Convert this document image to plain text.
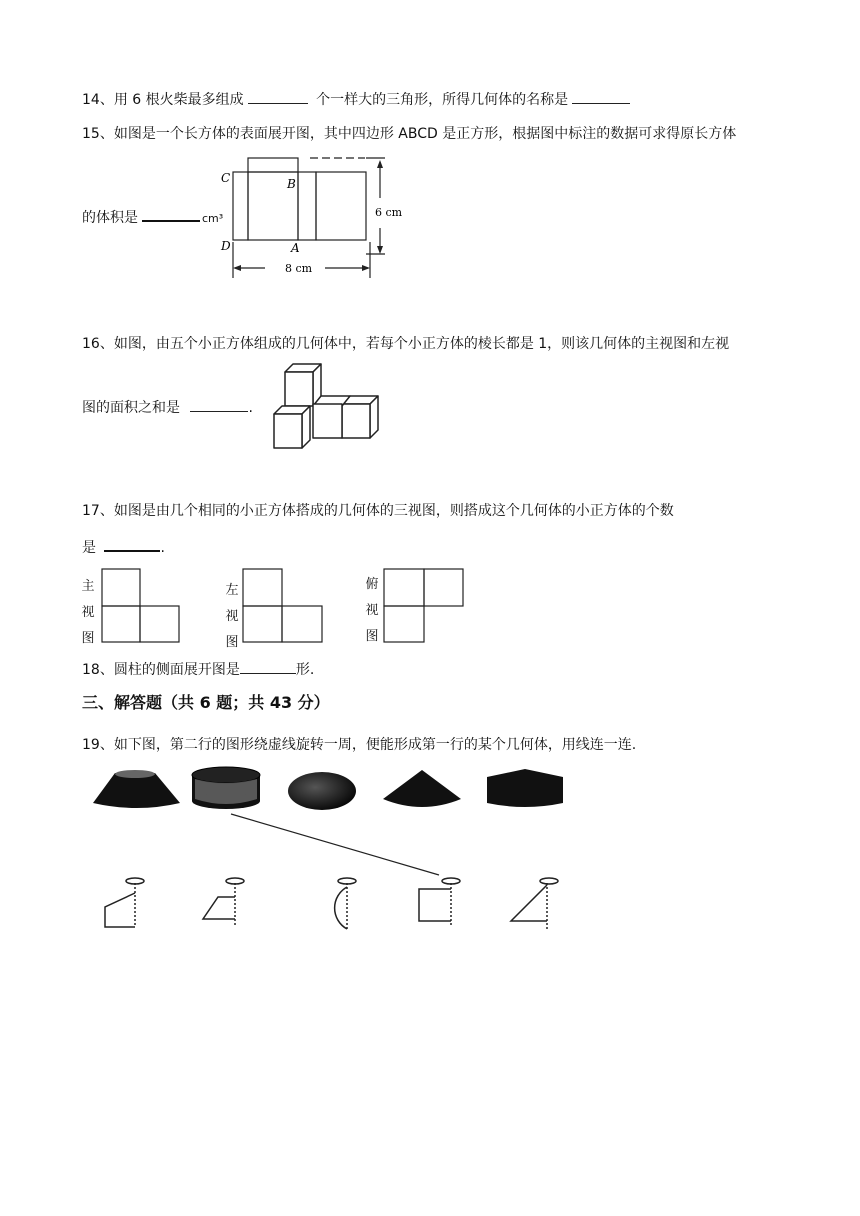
14、用 6 根火柴最多组成	个一样大的三角形，所得几何体的名称是
15、如图是一个长方体的表面展开图，其中四边形 ABCD 是正方形，根据图中标注的数据可求得原长方体
的体积是	cm³
C	B
D	A
6 cm
8 cm
16、如图，由五个小正方体组成的几何体中，若每个小正方体的棱长都是 1，则该几何体的主视图和左视
图的面积之和是	.
17、如图是由几个相同的小正方体搭成的几何体的三视图，则搭成这个几何体的小正方体的个数
是	.
主
视
图
左
视
图
俯
视
图
18、圆柱的侧面展开图是	形.
三、解答题（共 6 题；共 43 分）
19、如下图，第二行的图形绕虚线旋转一周，便能形成第一行的某个几何体，用线连一连.
